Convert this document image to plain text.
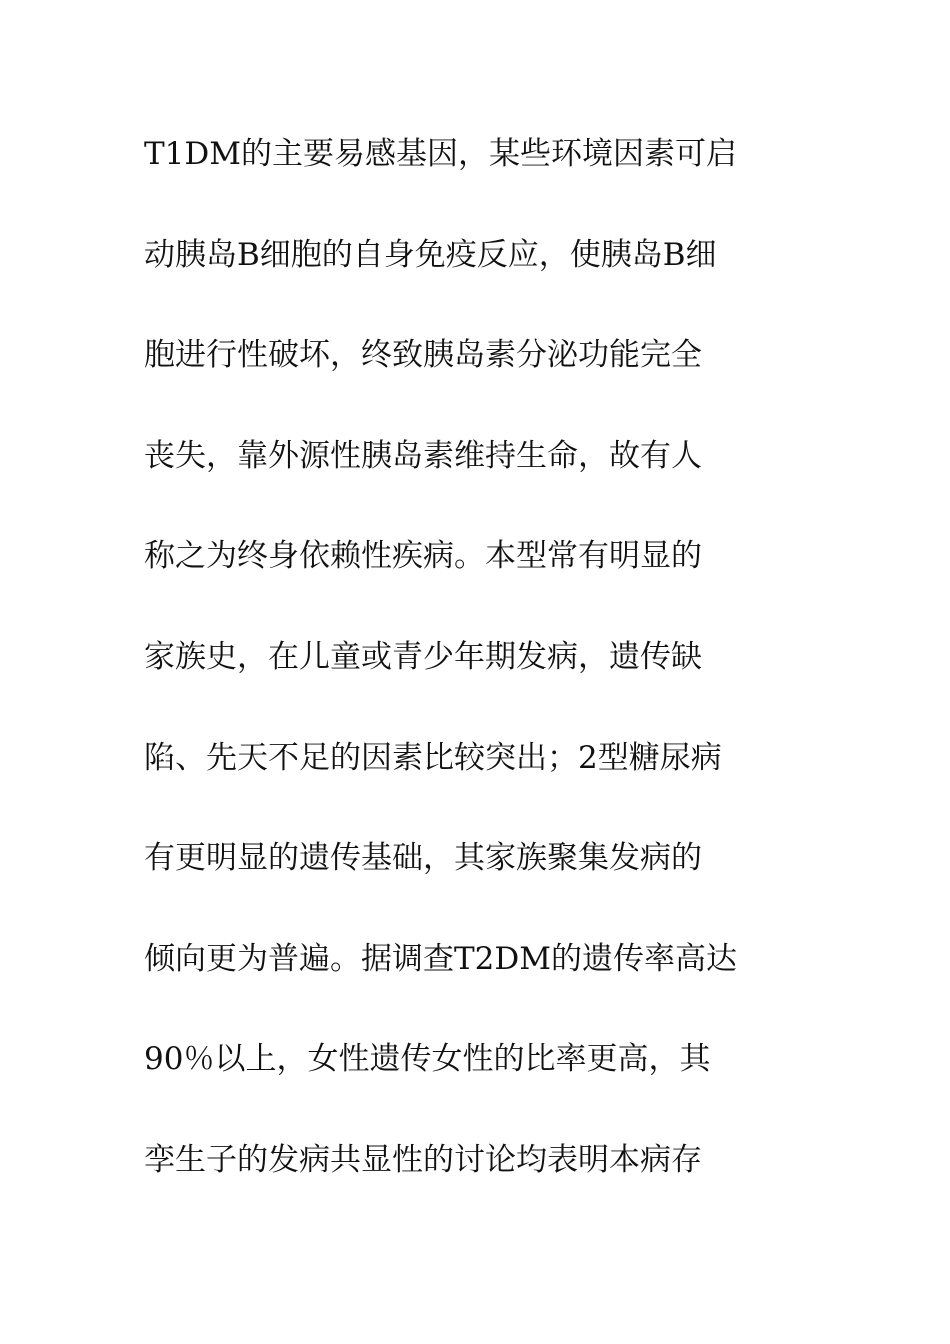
T1DM的主要易感基因，某些环境因素可启
动胰岛B细胞的自身免疫反应，使胰岛B细
胞进行性破坏，终致胰岛素分泌功能完全
丧失，靠外源性胰岛素维持生命，故有人
称之为终身依赖性疾病。本型常有明显的
家族史，在儿童或青少年期发病，遗传缺
陷、先天不足的因素比较突出；2型糖尿病
有更明显的遗传基础，其家族聚集发病的
倾向更为普遍。据调查T2DM的遗传率高达
90％以上，女性遗传女性的比率更高，其
孪生子的发病共显性的讨论均表明本病存
